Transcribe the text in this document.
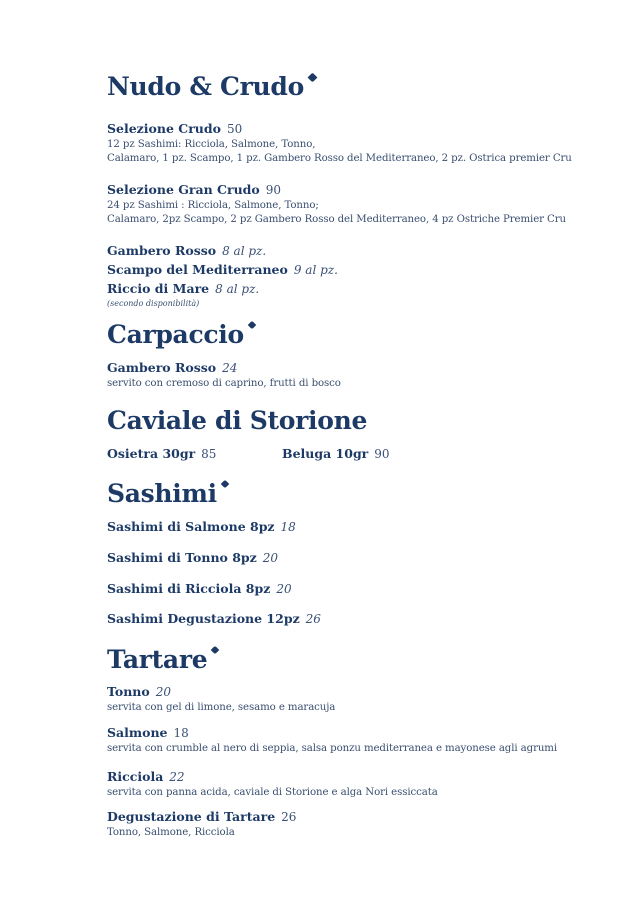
Nudo & Crudo

Selezione Crudo 50

12 pz Sashimi: Ricciola, Salmone, Tonno,
Calamaro, 1 pz. Scampo, 1 pz. Gambero Rosso del Mediterraneo, 2 pz. Ostrica premier Cru

Selezione Gran Crudo 90

24 pz Sashimi : Ricciola, Salmone, Tonno;
Calamaro, 2pz Scampo, 2 pz Gambero Rosso del Mediterraneo, 4 pz Ostriche Premier Cru

Gambero Rosso 8 al pz.

Scampo del Mediterraneo 9 al pz.

Riccio di Mare 8 al pz.

(secondo disponibilità)
Carpaccio

Gambero Rosso 24

servito con cremoso di caprino, frutti di bosco
Caviale di Storione
Osietra 30gr 85	Beluga 10gr 90
Sashimi

Sashimi di Salmone 8pz 18

Sashimi di Tonno 8pz 20

Sashimi di Ricciola 8pz 20

Sashimi Degustazione 12pz 26

Tartare

Tonno 20

servita con gel di limone, sesamo e maracuja

Salmone 18

servita con crumble al nero di seppia, salsa ponzu mediterranea e mayonese agli agrumi

Ricciola 22

servita con panna acida, caviale di Storione e alga Nori essiccata

Degustazione di Tartare 26

Tonno, Salmone, Ricciola
